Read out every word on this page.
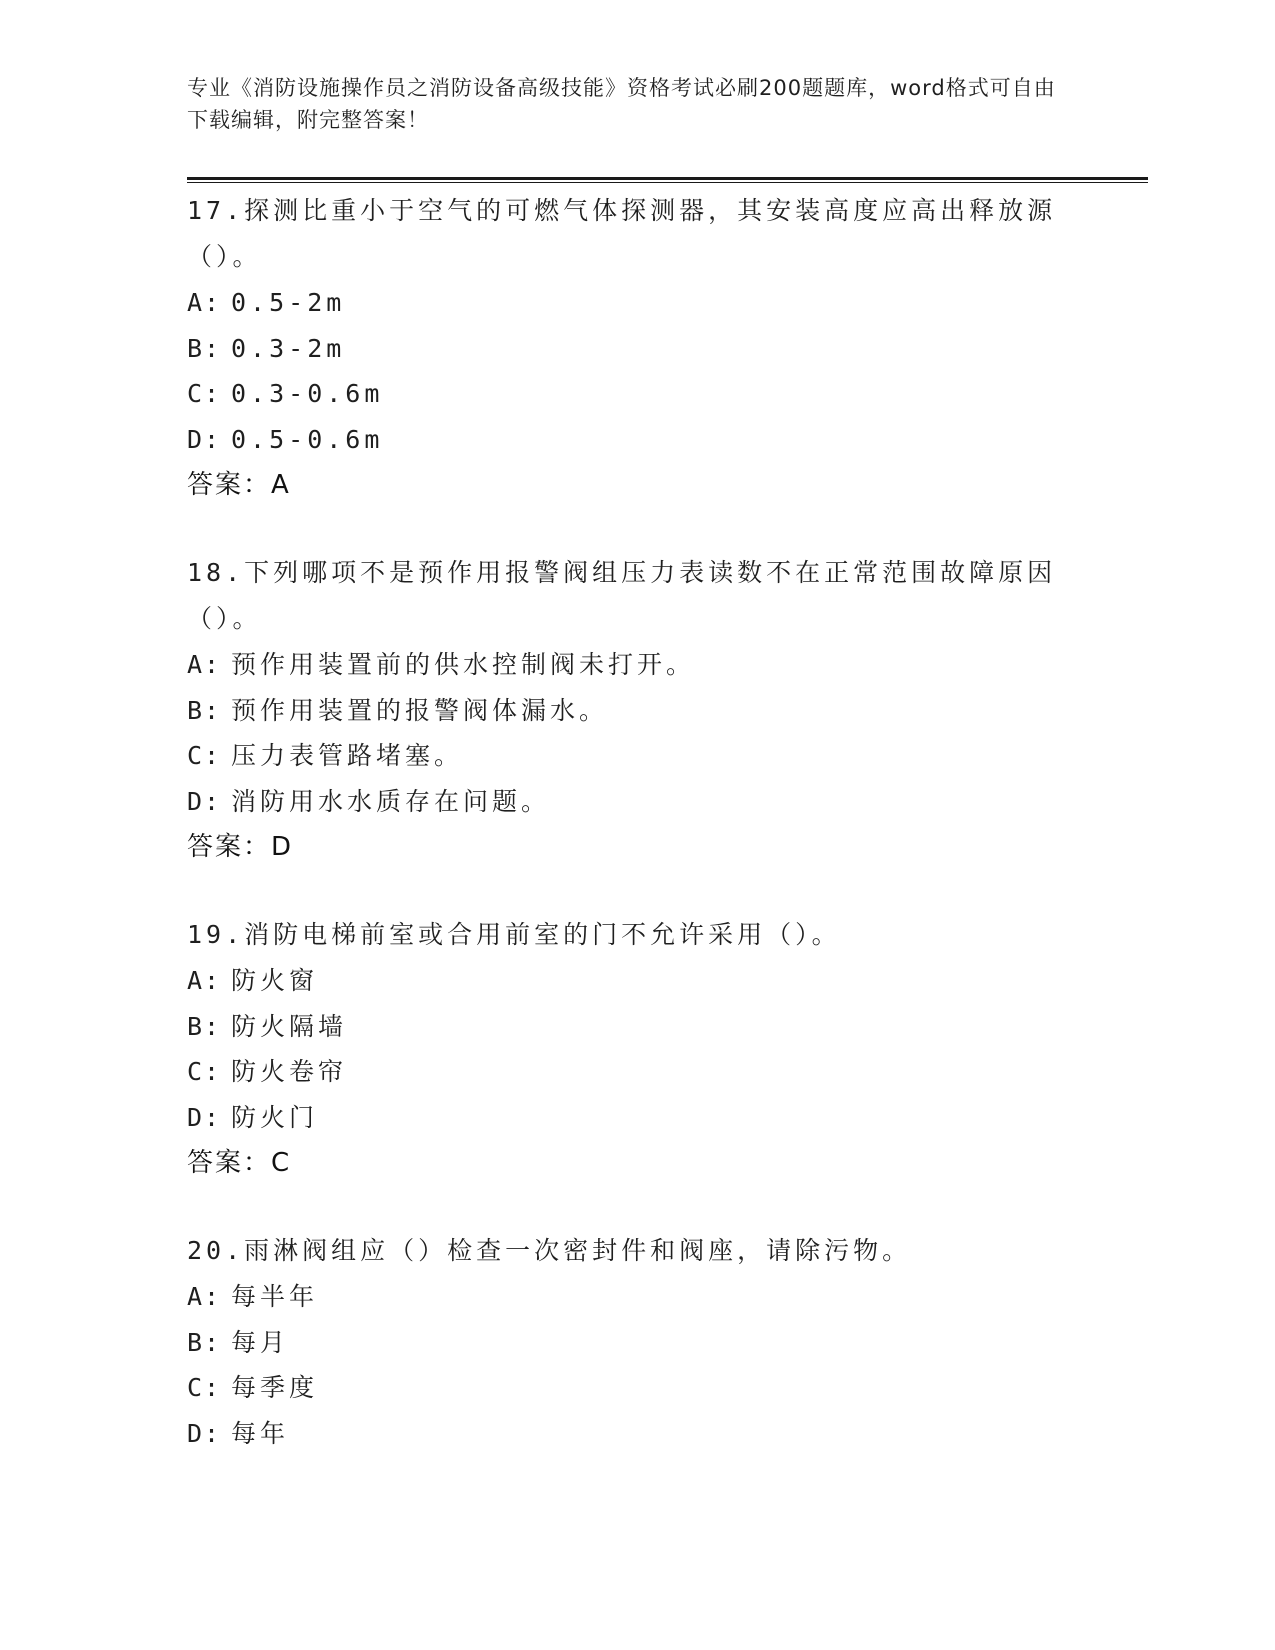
专业《消防设施操作员之消防设备高级技能》资格考试必刷200题题库，word格式可自由下载编辑，附完整答案！

17.探测比重小于空气的可燃气体探测器，其安装高度应高出释放源（）。

A: 0.5-2m

B: 0.3-2m

C: 0.3-0.6m

D: 0.5-0.6m

答案：A

18.下列哪项不是预作用报警阀组压力表读数不在正常范围故障原因（）。

A: 预作用装置前的供水控制阀未打开。

B: 预作用装置的报警阀体漏水。

C: 压力表管路堵塞。

D: 消防用水水质存在问题。

答案：D

19.消防电梯前室或合用前室的门不允许采用（）。

A: 防火窗

B: 防火隔墙

C: 防火卷帘

D: 防火门

答案：C

20.雨淋阀组应（）检查一次密封件和阀座，请除污物。

A: 每半年

B: 每月

C: 每季度

D: 每年
